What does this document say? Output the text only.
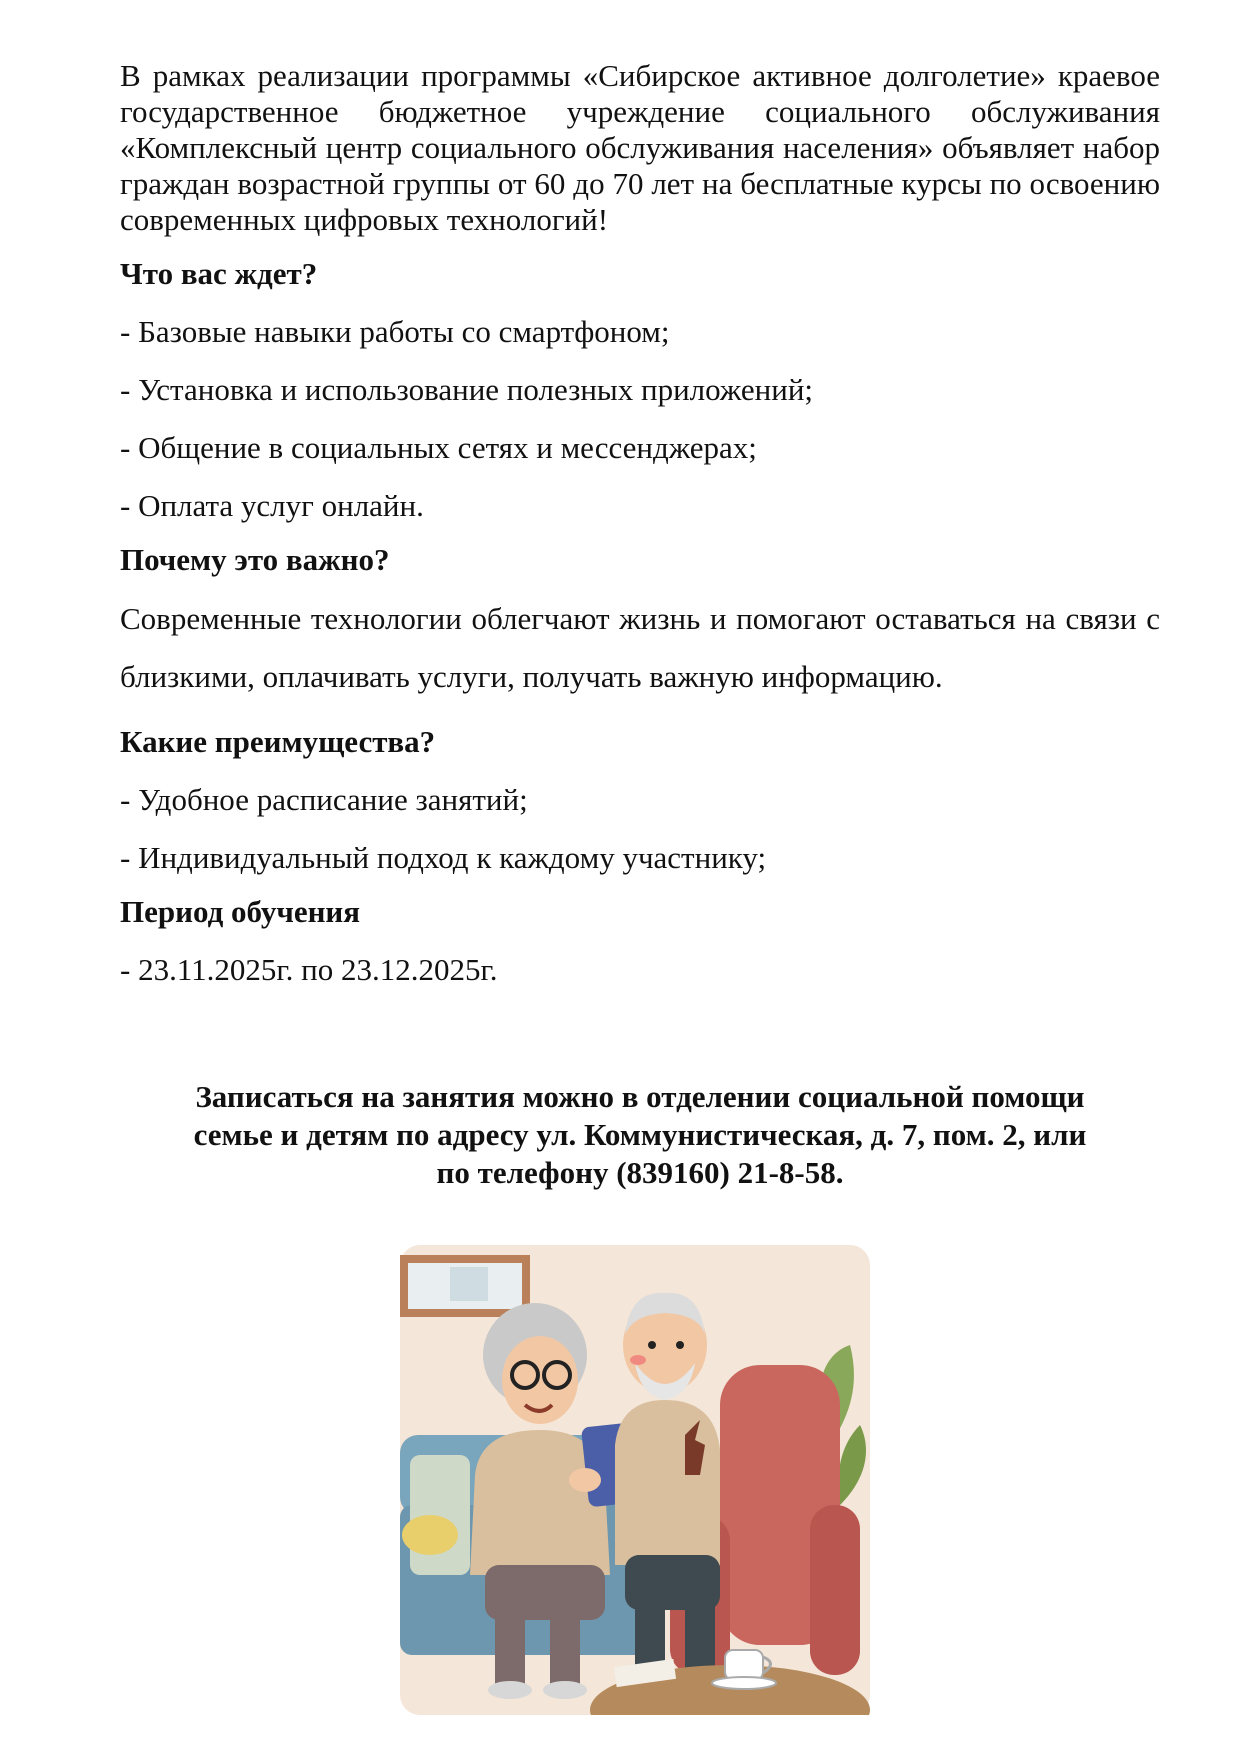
В рамках реализации программы «Сибирское активное долголетие» краевое государственное бюджетное учреждение социального обслуживания «Комплексный центр социального обслуживания населения» объявляет набор граждан возрастной группы от 60 до 70 лет на бесплатные курсы по освоению современных цифровых технологий!

Что вас ждет?

- Базовые навыки работы со смартфоном;

- Установка и использование полезных приложений;

- Общение в социальных сетях и мессенджерах;

- Оплата услуг онлайн.

Почему это важно?

Современные технологии облегчают жизнь и помогают оставаться на связи с близкими, оплачивать услуги, получать важную информацию.

Какие преимущества?

- Удобное расписание занятий;

- Индивидуальный подход к каждому участнику;

Период обучения

- 23.11.2025г. по 23.12.2025г.

Записаться на занятия можно в отделении социальной помощи
семье и детям по адресу ул. Коммунистическая, д. 7, пом. 2, или
по телефону (839160) 21-8-58.
